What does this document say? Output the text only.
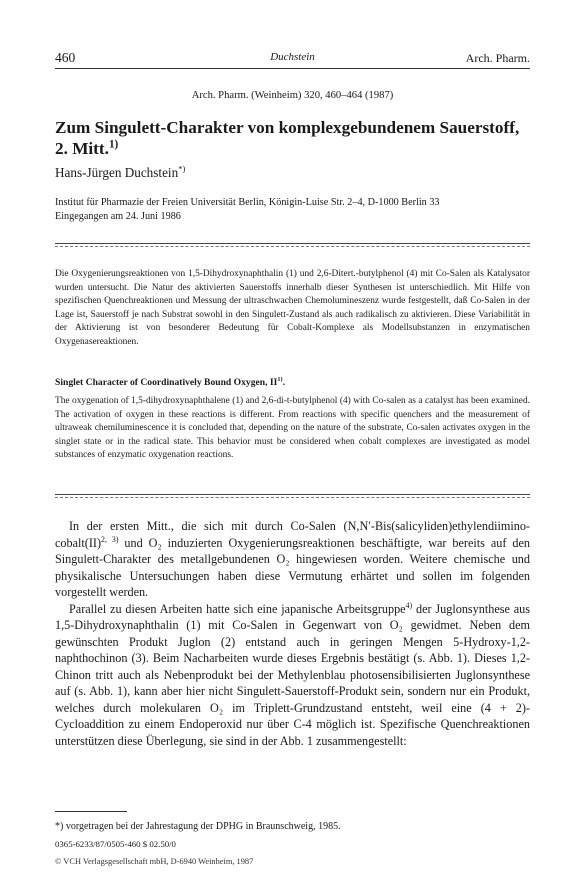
460	Duchstein	Arch. Pharm.
Arch. Pharm. (Weinheim) 320, 460–464 (1987)
Zum Singulett-Charakter von komplexgebundenem Sauerstoff, 2. Mitt.$^{1)}$
Hans-Jürgen Duchstein*)
Institut für Pharmazie der Freien Universität Berlin, Königin-Luise Str. 2–4, D-1000 Berlin 33
Eingegangen am 24. Juni 1986
Die Oxygenierungsreaktionen von 1,5-Dihydroxynaphthalin (1) und 2,6-Ditert.-butylphenol (4) mit Co-Salen als Katalysator wurden untersucht. Die Natur des aktivierten Sauerstoffs innerhalb dieser Synthesen ist unterschiedlich. Mit Hilfe von spezifischen Quenchreaktionen und Messung der ultraschwachen Chemolumineszenz wurde festgestellt, daß Co-Salen in der Lage ist, Sauerstoff je nach Substrat sowohl in den Singulett-Zustand als auch radikalisch zu aktivieren. Diese Variabilität in der Aktivierung ist von besonderer Bedeutung für Cobalt-Komplexe als Modellsubstanzen in enzymatischen Oxygenasereaktionen.
Singlet Character of Coordinatively Bound Oxygen, II$^{1)}$.
The oxygenation of 1,5-dihydroxynaphthalene (1) and 2,6-di-t-butylphenol (4) with Co-salen as a catalyst has been examined. The activation of oxygen in these reactions is different. From reactions with specific quenchers and the measurement of ultraweak chemiluminescence it is concluded that, depending on the nature of the substrate, Co-salen activates oxygen in the singlet state or in the radical state. This behavior must be considered when cobalt complexes are investigated as model substances of enzymatic oxygenation reactions.

In der ersten Mitt., die sich mit durch Co-Salen (N,N′-Bis(salicyliden)ethylendiimino-cobalt(II)$^{2, 3)}$ und O₂ induzierten Oxygenierungsreaktionen beschäftigte, war bereits auf den Singulett-Charakter des metallgebundenen O₂ hingewiesen worden. Weitere chemische und physikalische Untersuchungen haben diese Vermutung erhärtet und sollen im folgenden vorgestellt werden.

Parallel zu diesen Arbeiten hatte sich eine japanische Arbeitsgruppe$^{4)}$ der Juglonsynthese aus 1,5-Dihydroxynaphthalin (1) mit Co-Salen in Gegenwart von O₂ gewidmet. Neben dem gewünschten Produkt Juglon (2) entstand auch in geringen Mengen 5-Hydroxy-1,2-naphthochinon (3). Beim Nacharbeiten wurde dieses Ergebnis bestätigt (s. Abb. 1). Dieses 1,2-Chinon tritt auch als Nebenprodukt bei der Methylenblau photosensibilisierten Juglonsynthese auf (s. Abb. 1), kann aber hier nicht Singulett-Sauerstoff-Produkt sein, sondern nur ein Produkt, welches durch molekularen O₂ im Triplett-Grundzustand entsteht, weil eine (4 + 2)-Cycloaddition zu einem Endoperoxid nur über C-4 möglich ist. Spezifische Quenchreaktionen unterstützen diese Überlegung, sie sind in der Abb. 1 zusammengestellt:

*) vorgetragen bei der Jahrestagung der DPHG in Braunschweig, 1985.
0365-6233/87/0505-460 $ 02.50/0
© VCH Verlagsgesellschaft mbH, D-6940 Weinheim, 1987
